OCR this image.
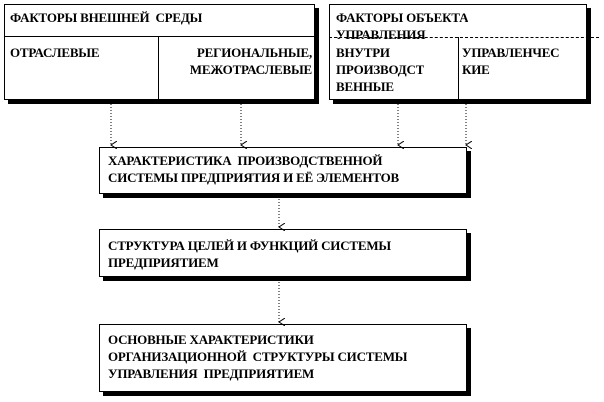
ФАКТОРЫ ВНЕШНЕЙ  СРЕДЫ
ОТРАСЛЕВЫЕ	РЕГИОНАЛЬНЫЕ,
МЕЖОТРАСЛЕВЫЕ
ФАКТОРЫ ОБЪЕКТА
УПРАВЛЕНИЯ
ВНУТРИ
ПРОИЗВОДСТ
ВЕННЫЕ
УПРАВЛЕНЧЕС
КИЕ
ХАРАКТЕРИСТИКА  ПРОИЗВОДСТВЕННОЙ
СИСТЕМЫ ПРЕДПРИЯТИЯ И ЕЁ ЭЛЕМЕНТОВ
СТРУКТУРА ЦЕЛЕЙ И ФУНКЦИЙ СИСТЕМЫ
ПРЕДПРИЯТИЕМ
ОСНОВНЫЕ ХАРАКТЕРИСТИКИ
ОРГАНИЗАЦИОННОЙ  СТРУКТУРЫ СИСТЕМЫ
УПРАВЛЕНИЯ  ПРЕДПРИЯТИЕМ
